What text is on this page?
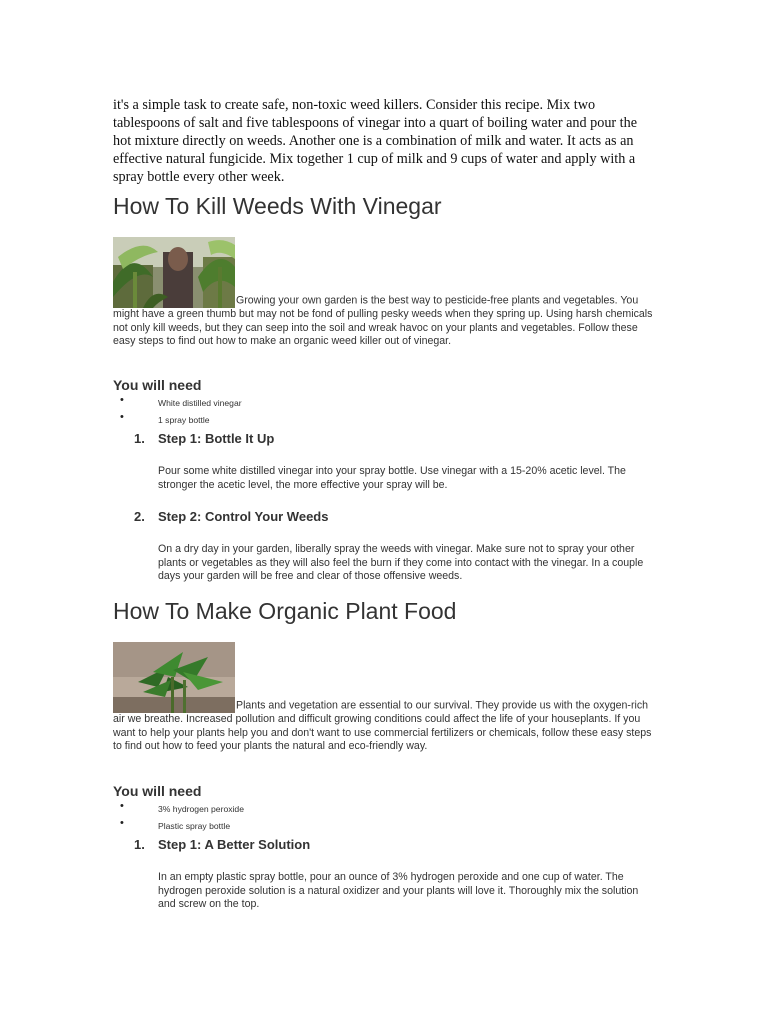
it's a simple task to create safe, non-toxic weed killers. Consider this recipe. Mix two tablespoons of salt and five tablespoons of vinegar into a quart of boiling water and pour the hot mixture directly on weeds. Another one is a combination of milk and water. It acts as an effective natural fungicide. Mix together 1 cup of milk and 9 cups of water and apply with a spray bottle every other week.

How To Kill Weeds With Vinegar

Growing your own garden is the best way to pesticide-free plants and vegetables. You might have a green thumb but may not be fond of pulling pesky weeds when they spring up. Using harsh chemicals not only kill weeds, but they can seep into the soil and wreak havoc on your plants and vegetables. Follow these easy steps to find out how to make an organic weed killer out of vinegar.

You will need
•	White distilled vinegar
•	1 spray bottle
1. Step 1: Bottle It Up

Pour some white distilled vinegar into your spray bottle. Use vinegar with a 15-20% acetic level. The stronger the acetic level, the more effective your spray will be.

2. Step 2: Control Your Weeds

On a dry day in your garden, liberally spray the weeds with vinegar. Make sure not to spray your other plants or vegetables as they will also feel the burn if they come into contact with the vinegar. In a couple days your garden will be free and clear of those offensive weeds.

How To Make Organic Plant Food

Plants and vegetation are essential to our survival. They provide us with the oxygen-rich air we breathe. Increased pollution and difficult growing conditions could affect the life of your houseplants. If you want to help your plants help you and don't want to use commercial fertilizers or chemicals, follow these easy steps to find out how to feed your plants the natural and eco-friendly way.

You will need
•	3% hydrogen peroxide
•	Plastic spray bottle
1. Step 1: A Better Solution

In an empty plastic spray bottle, pour an ounce of 3% hydrogen peroxide and one cup of water. The hydrogen peroxide solution is a natural oxidizer and your plants will love it. Thoroughly mix the solution and screw on the top.
